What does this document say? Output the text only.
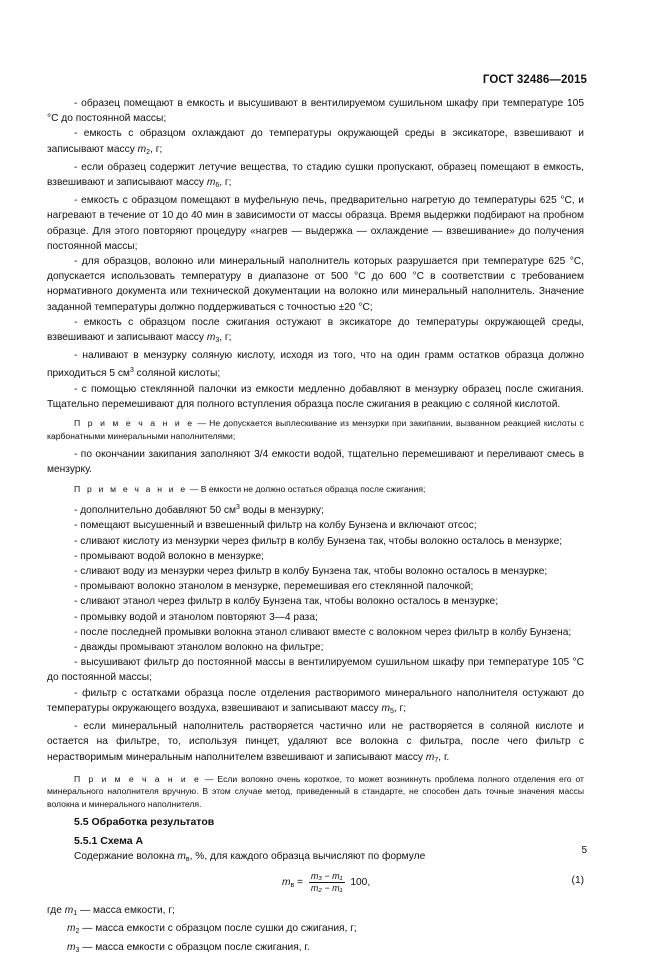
ГОСТ 32486—2015

- образец помещают в емкость и высушивают в вентилируемом сушильном шкафу при температуре 105 °С до постоянной массы;

- емкость с образцом охлаждают до температуры окружающей среды в эксикаторе, взвешивают и записывают массу $m_2$, г;

- если образец содержит летучие вещества, то стадию сушки пропускают, образец помещают в емкость, взвешивают и записывают массу $m_6$, г;

- емкость с образцом помещают в муфельную печь, предварительно нагретую до температуры 625 °С, и нагревают в течение от 10 до 40 мин в зависимости от массы образца. Время выдержки подбирают на пробном образце. Для этого повторяют процедуру «нагрев — выдержка — охлаждение — взвешивание» до получения постоянной массы;

- для образцов, волокно или минеральный наполнитель которых разрушается при температуре 625 °С, допускается использовать температуру в диапазоне от 500 °С до 600 °С в соответствии с требованием нормативного документа или технической документации на волокно или минеральный наполнитель. Значение заданной температуры должно поддерживаться с точностью ±20 °С;

- емкость с образцом после сжигания остужают в эксикаторе до температуры окружающей среды, взвешивают и записывают массу $m_3$, г;

- наливают в мензурку соляную кислоту, исходя из того, что на один грамм остатков образца должно приходиться 5 $см^3$ соляной кислоты;

- с помощью стеклянной палочки из емкости медленно добавляют в мензурку образец после сжигания. Тщательно перемешивают для полного вступления образца после сжигания в реакцию с соляной кислотой.

П р и м е ч а н и е — Не допускается выплескивание из мензурки при закипании, вызванном реакцией кислоты с карбонатными минеральными наполнителями;

- по окончании закипания заполняют 3/4 емкости водой, тщательно перемешивают и переливают смесь в мензурку.

П р и м е ч а н и е — В емкости не должно остаться образца после сжигания;

- дополнительно добавляют 50 $см^3$ воды в мензурку;

- помещают высушенный и взвешенный фильтр на колбу Бунзена и включают отсос;

- сливают кислоту из мензурки через фильтр в колбу Бунзена так, чтобы волокно осталось в мензурке;

- промывают водой волокно в мензурке;

- сливают воду из мензурки через фильтр в колбу Бунзена так, чтобы волокно осталось в мензурке;

- промывают волокно этанолом в мензурке, перемешивая его стеклянной палочкой;

- сливают этанол через фильтр в колбу Бунзена так, чтобы волокно осталось в мензурке;

- промывку водой и этанолом повторяют 3—4 раза;

- после последней промывки волокна этанол сливают вместе с волокном через фильтр в колбу Бунзена;

- дважды промывают этанолом волокно на фильтре;

- высушивают фильтр до постоянной массы в вентилируемом сушильном шкафу при температуре 105 °С до постоянной массы;

- фильтр с остатками образца после отделения растворимого минерального наполнителя остужают до температуры окружающего воздуха, взвешивают и записывают массу $m_5$, г;

- если минеральный наполнитель растворяется частично или не растворяется в соляной кислоте и остается на фильтре, то, используя пинцет, удаляют все волокна с фильтра, после чего фильтр с нерастворимым минеральным наполнителем взвешивают и записывают массу $m_7$, г.

П р и м е ч а н и е — Если волокно очень короткое, то может возникнуть проблема полного отделения его от минерального наполнителя вручную. В этом случае метод, приведенный в стандарте, не способен дать точные значения массы волокна и минерального наполнителя.

5.5 Обработка результатов

5.5.1 Схема А

Содержание волокна $m_в$, %, для каждого образца вычисляют по формуле

$m_в = \frac{\text{m₃ − m₁}}{\text{m₂ − m₁}} 100$,	(1)

где $m_1$ — масса емкости, г;

$m_2$ — масса емкости с образцом после сушки до сжигания, г;

$m_3$ — масса емкости с образцом после сжигания, г.

5
